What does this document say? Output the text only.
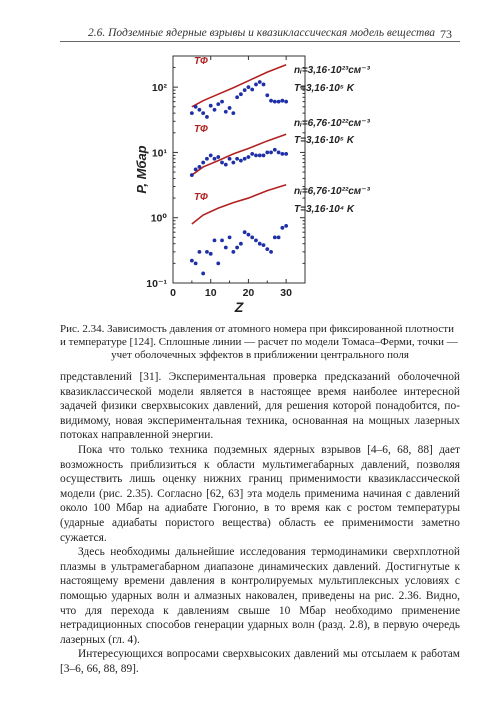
2.6. Подземные ядерные взрывы и квазиклассическая модель вещества 73
0	10 20 30
10⁻¹
10⁰
10¹
10²
Z
P, Мбар
ТФ
nᵢ=3,16·10²³см⁻³
T=3,16·10⁵ K
ТФ
nᵢ=6,76·10²²см⁻³
T=3,16·10⁵ K
ТФ
nᵢ=6,76·10²²см⁻³
T=3,16·10⁴ K
Рис. 2.34. Зависимость давления от атомного номера при фиксированной плотности
и температуре [124]. Сплошные линии — расчет по модели Томаса–Ферми, точки —
учет оболочечных эффектов в приближении центрального поля

представлений [31]. Экспериментальная проверка предсказаний оболочечной квазиклассической модели является в настоящее время наиболее интересной задачей физики сверхвысоких давлений, для решения которой понадобится, по-видимому, новая экспериментальная техника, основанная на мощных лазерных потоках направленной энергии.

Пока что только техника подземных ядерных взрывов [4–6, 68, 88] дает возможность приблизиться к области мультимегабарных давлений, позволяя осуществить лишь оценку нижних границ применимости квазиклассической модели (рис. 2.35). Согласно [62, 63] эта модель применима начиная с давлений около 100 Мбар на адиабате Гюгонио, в то время как с ростом температуры (ударные адиабаты пористого вещества) область ее применимости заметно сужается.

Здесь необходимы дальнейшие исследования термодинамики сверхплотной плазмы в ультрамегабарном диапазоне динамических давлений. Достигнутые к настоящему времени давления в контролируемых мультиплексных условиях с помощью ударных волн и алмазных наковален, приведены на рис. 2.36. Видно, что для перехода к давлениям свыше 10 Мбар необходимо применение нетрадиционных способов генерации ударных волн (разд. 2.8), в первую очередь лазерных (гл. 4).

Интересующихся вопросами сверхвысоких давлений мы отсылаем к работам [3–6, 66, 88, 89].
